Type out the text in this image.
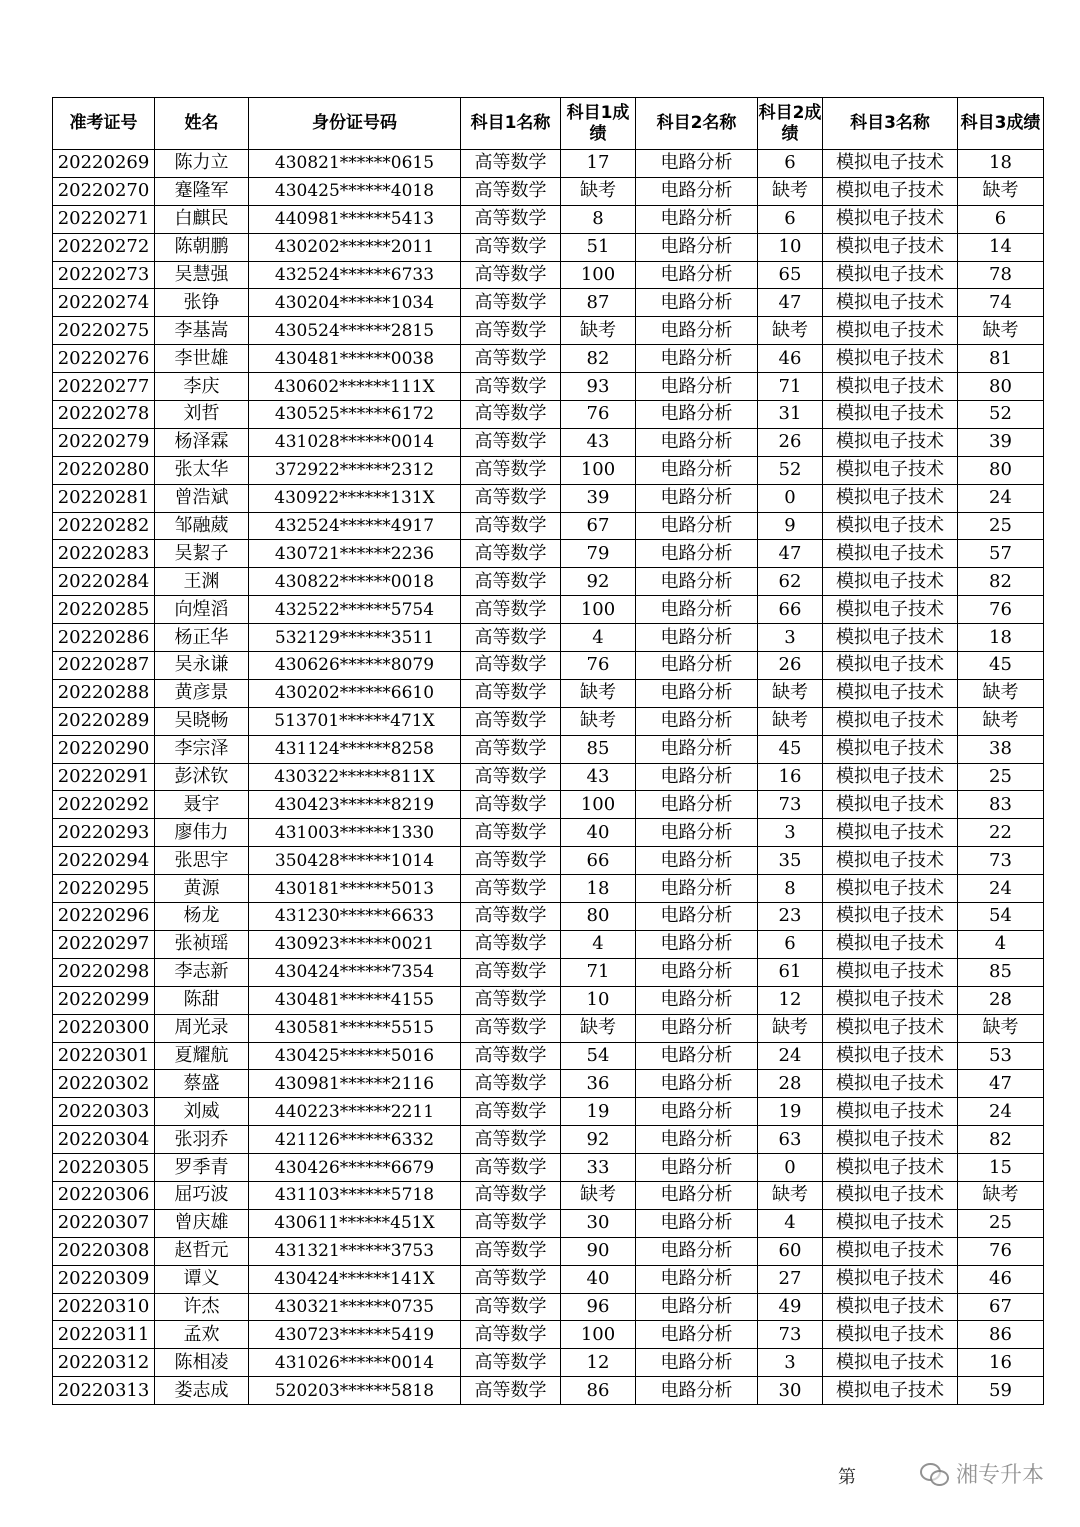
准考证号	姓名	身份证号码	科目1名称	科目1成绩	科目2名称	科目2成绩	科目3名称	科目3成绩
20220269	陈力立	430821******0615	高等数学	17	电路分析	6	模拟电子技术	18
20220270	蹇隆军	430425******4018	高等数学	缺考	电路分析	缺考	模拟电子技术	缺考
20220271	白麒民	440981******5413	高等数学	8	电路分析	6	模拟电子技术	6
20220272	陈朝鹏	430202******2011	高等数学	51	电路分析	10	模拟电子技术	14
20220273	吴慧强	432524******6733	高等数学	100	电路分析	65	模拟电子技术	78
20220274	张铮	430204******1034	高等数学	87	电路分析	47	模拟电子技术	74
20220275	李基嵩	430524******2815	高等数学	缺考	电路分析	缺考	模拟电子技术	缺考
20220276	李世雄	430481******0038	高等数学	82	电路分析	46	模拟电子技术	81
20220277	李庆	430602******111X	高等数学	93	电路分析	71	模拟电子技术	80
20220278	刘哲	430525******6172	高等数学	76	电路分析	31	模拟电子技术	52
20220279	杨泽霖	431028******0014	高等数学	43	电路分析	26	模拟电子技术	39
20220280	张太华	372922******2312	高等数学	100	电路分析	52	模拟电子技术	80
20220281	曾浩斌	430922******131X	高等数学	39	电路分析	0	模拟电子技术	24
20220282	邹融葳	432524******4917	高等数学	67	电路分析	9	模拟电子技术	25
20220283	吴絜子	430721******2236	高等数学	79	电路分析	47	模拟电子技术	57
20220284	王渊	430822******0018	高等数学	92	电路分析	62	模拟电子技术	82
20220285	向煌滔	432522******5754	高等数学	100	电路分析	66	模拟电子技术	76
20220286	杨正华	532129******3511	高等数学	4	电路分析	3	模拟电子技术	18
20220287	吴永谦	430626******8079	高等数学	76	电路分析	26	模拟电子技术	45
20220288	黄彦景	430202******6610	高等数学	缺考	电路分析	缺考	模拟电子技术	缺考
20220289	吴晓畅	513701******471X	高等数学	缺考	电路分析	缺考	模拟电子技术	缺考
20220290	李宗泽	431124******8258	高等数学	85	电路分析	45	模拟电子技术	38
20220291	彭沭钦	430322******811X	高等数学	43	电路分析	16	模拟电子技术	25
20220292	聂宇	430423******8219	高等数学	100	电路分析	73	模拟电子技术	83
20220293	廖伟力	431003******1330	高等数学	40	电路分析	3	模拟电子技术	22
20220294	张思宇	350428******1014	高等数学	66	电路分析	35	模拟电子技术	73
20220295	黄源	430181******5013	高等数学	18	电路分析	8	模拟电子技术	24
20220296	杨龙	431230******6633	高等数学	80	电路分析	23	模拟电子技术	54
20220297	张祯瑶	430923******0021	高等数学	4	电路分析	6	模拟电子技术	4
20220298	李志新	430424******7354	高等数学	71	电路分析	61	模拟电子技术	85
20220299	陈甜	430481******4155	高等数学	10	电路分析	12	模拟电子技术	28
20220300	周光录	430581******5515	高等数学	缺考	电路分析	缺考	模拟电子技术	缺考
20220301	夏耀航	430425******5016	高等数学	54	电路分析	24	模拟电子技术	53
20220302	蔡盛	430981******2116	高等数学	36	电路分析	28	模拟电子技术	47
20220303	刘威	440223******2211	高等数学	19	电路分析	19	模拟电子技术	24
20220304	张羽乔	421126******6332	高等数学	92	电路分析	63	模拟电子技术	82
20220305	罗季青	430426******6679	高等数学	33	电路分析	0	模拟电子技术	15
20220306	屈巧波	431103******5718	高等数学	缺考	电路分析	缺考	模拟电子技术	缺考
20220307	曾庆雄	430611******451X	高等数学	30	电路分析	4	模拟电子技术	25
20220308	赵哲元	431321******3753	高等数学	90	电路分析	60	模拟电子技术	76
20220309	谭义	430424******141X	高等数学	40	电路分析	27	模拟电子技术	46
20220310	许杰	430321******0735	高等数学	96	电路分析	49	模拟电子技术	67
20220311	孟欢	430723******5419	高等数学	100	电路分析	73	模拟电子技术	86
20220312	陈相凌	431026******0014	高等数学	12	电路分析	3	模拟电子技术	16
20220313	娄志成	520203******5818	高等数学	86	电路分析	30	模拟电子技术	59
第	湘专升本
